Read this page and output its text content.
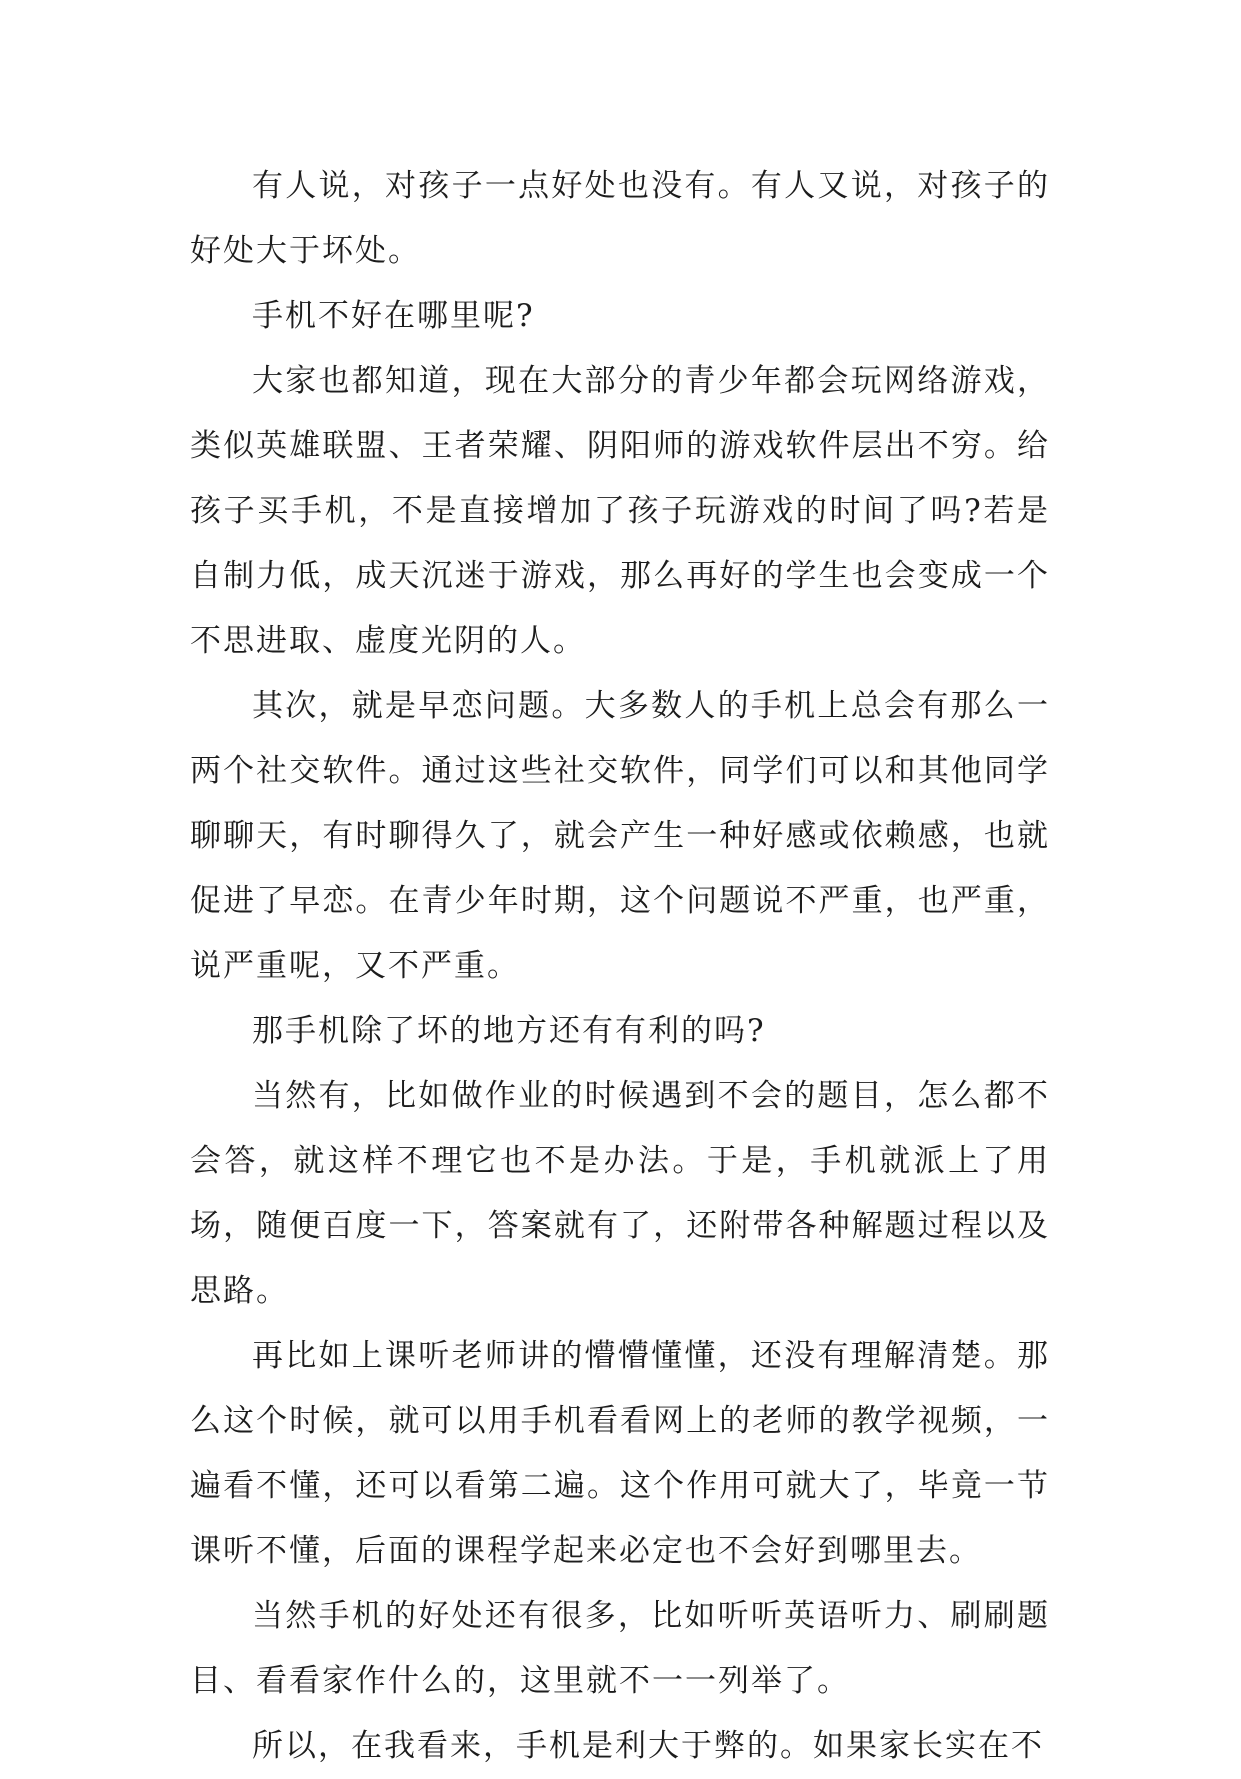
有人说，对孩子一点好处也没有。有人又说，对孩子的好处大于坏处。

手机不好在哪里呢?

大家也都知道，现在大部分的青少年都会玩网络游戏，类似英雄联盟、王者荣耀、阴阳师的游戏软件层出不穷。给孩子买手机，不是直接增加了孩子玩游戏的时间了吗?若是自制力低，成天沉迷于游戏，那么再好的学生也会变成一个不思进取、虚度光阴的人。

其次，就是早恋问题。大多数人的手机上总会有那么一两个社交软件。通过这些社交软件，同学们可以和其他同学聊聊天，有时聊得久了，就会产生一种好感或依赖感，也就促进了早恋。在青少年时期，这个问题说不严重，也严重，说严重呢，又不严重。

那手机除了坏的地方还有有利的吗?

当然有，比如做作业的时候遇到不会的题目，怎么都不会答，就这样不理它也不是办法。于是，手机就派上了用场，随便百度一下，答案就有了，还附带各种解题过程以及思路。

再比如上课听老师讲的懵懵懂懂，还没有理解清楚。那么这个时候，就可以用手机看看网上的老师的教学视频，一遍看不懂，还可以看第二遍。这个作用可就大了，毕竟一节课听不懂，后面的课程学起来必定也不会好到哪里去。

当然手机的好处还有很多，比如听听英语听力、刷刷题目、看看家作什么的，这里就不一一列举了。

所以，在我看来，手机是利大于弊的。如果家长实在不
